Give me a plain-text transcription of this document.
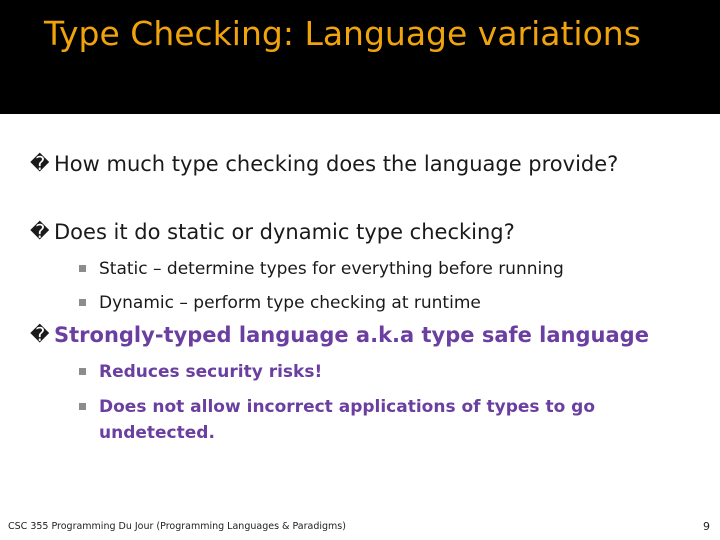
Type Checking: Language variations
� How much type checking does the language provide?
� Does it do static or dynamic type checking?
Static – determine types for everything before running
Dynamic – perform type checking at runtime
� Strongly-typed language a.k.a type safe language
Reduces security risks!
Does not allow incorrect applications of types to go undetected.
CSC 355 Programming Du Jour (Programming Languages & Paradigms)	9
